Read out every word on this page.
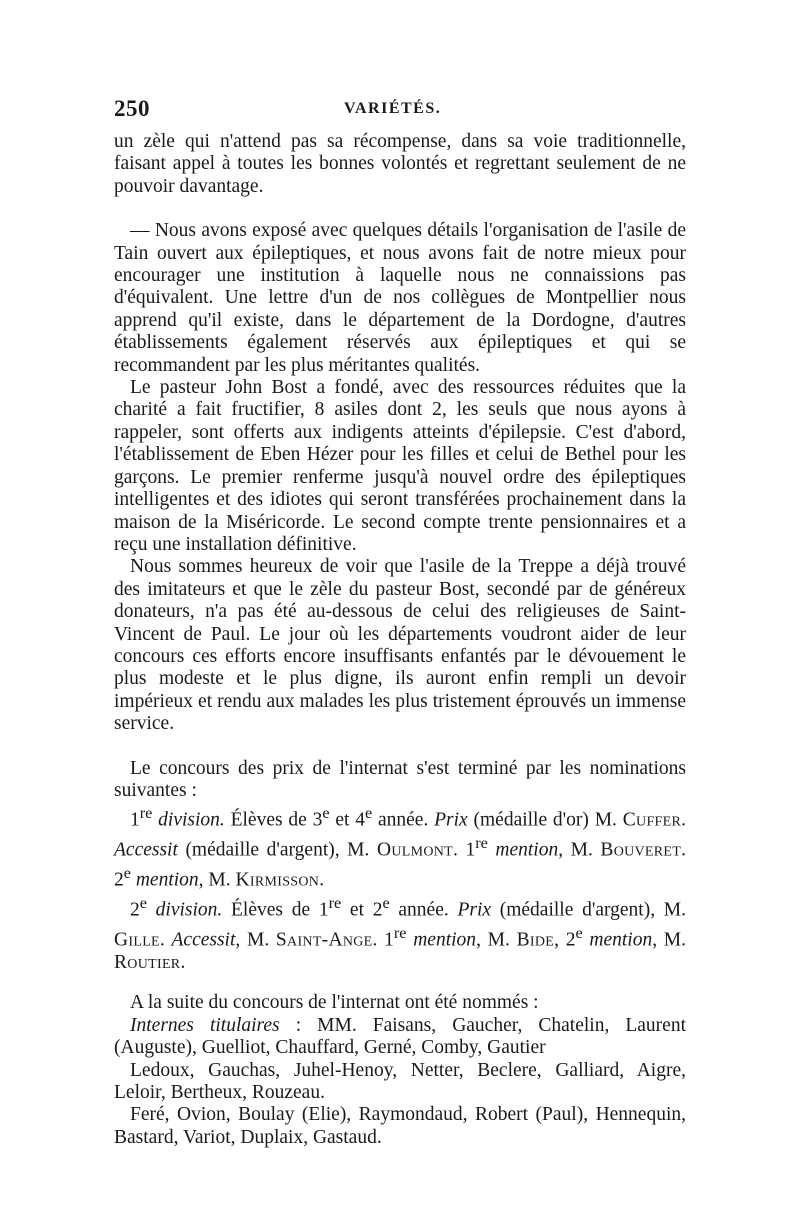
250	VARIÉTÉS.

un zèle qui n'attend pas sa récompense, dans sa voie traditionnelle, faisant appel à toutes les bonnes volontés et regrettant seulement de ne pouvoir davantage.

— Nous avons exposé avec quelques détails l'organisation de l'asile de Tain ouvert aux épileptiques, et nous avons fait de notre mieux pour encourager une institution à laquelle nous ne connaissions pas d'équivalent. Une lettre d'un de nos collègues de Montpellier nous apprend qu'il existe, dans le département de la Dordogne, d'autres établissements également réservés aux épileptiques et qui se recommandent par les plus méritantes qualités.

Le pasteur John Bost a fondé, avec des ressources réduites que la charité a fait fructifier, 8 asiles dont 2, les seuls que nous ayons à rappeler, sont offerts aux indigents atteints d'épilepsie. C'est d'abord, l'établissement de Eben Hézer pour les filles et celui de Bethel pour les garçons. Le premier renferme jusqu'à nouvel ordre des épileptiques intelligentes et des idiotes qui seront transférées prochainement dans la maison de la Miséricorde. Le second compte trente pensionnaires et a reçu une installation définitive.

Nous sommes heureux de voir que l'asile de la Treppe a déjà trouvé des imitateurs et que le zèle du pasteur Bost, secondé par de généreux donateurs, n'a pas été au-dessous de celui des religieuses de Saint-Vincent de Paul. Le jour où les départements voudront aider de leur concours ces efforts encore insuffisants enfantés par le dévouement le plus modeste et le plus digne, ils auront enfin rempli un devoir impérieux et rendu aux malades les plus tristement éprouvés un immense service.

Le concours des prix de l'internat s'est terminé par les nominations suivantes :

1re division. Élèves de 3e et 4e année. Prix (médaille d'or) M. Cuffer. Accessit (médaille d'argent), M. Oulmont. 1re mention, M. Bouveret. 2e mention, M. Kirmisson.

2e division. Élèves de 1re et 2e année. Prix (médaille d'argent), M. Gille. Accessit, M. Saint-Ange. 1re mention, M. Bide, 2e mention, M. Routier.

A la suite du concours de l'internat ont été nommés :

Internes titulaires : MM. Faisans, Gaucher, Chatelin, Laurent (Auguste), Guelliot, Chauffard, Gerné, Comby, Gautier

Ledoux, Gauchas, Juhel-Henoy, Netter, Beclere, Galliard, Aigre, Leloir, Bertheux, Rouzeau.

Feré, Ovion, Boulay (Elie), Raymondaud, Robert (Paul), Hennequin, Bastard, Variot, Duplaix, Gastaud.
